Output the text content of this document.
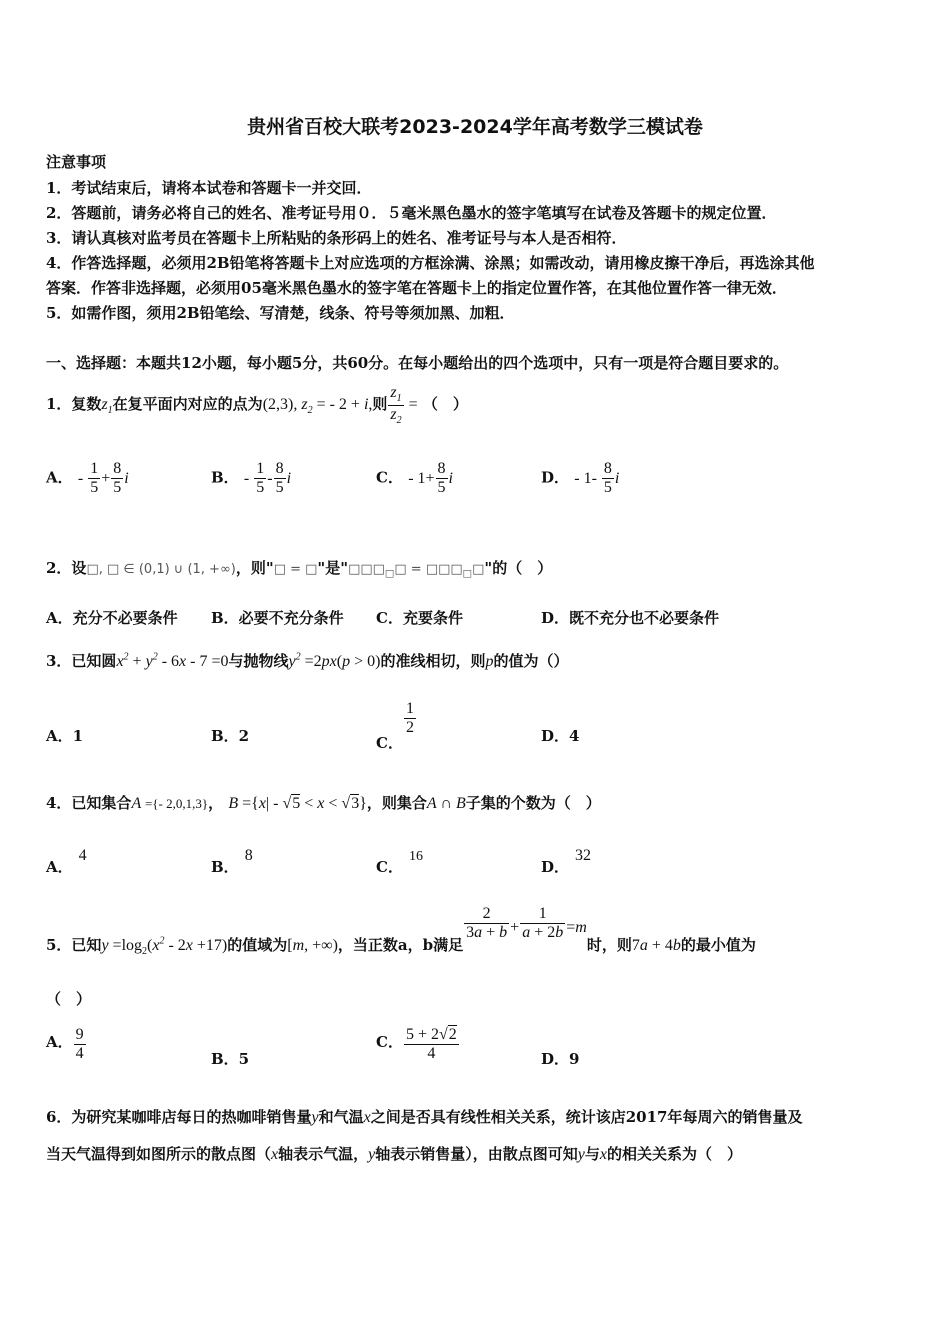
贵州省百校大联考2023-2024学年高考数学三模试卷
注意事项
1．考试结束后，请将本试卷和答题卡一并交回．
2．答题前，请务必将自己的姓名、准考证号用０．５毫米黑色墨水的签字笔填写在试卷及答题卡的规定位置．
3．请认真核对监考员在答题卡上所粘贴的条形码上的姓名、准考证号与本人是否相符．
4．作答选择题，必须用2B铅笔将答题卡上对应选项的方框涂满、涂黑；如需改动，请用橡皮擦干净后，再选涂其他
答案．作答非选择题，必须用05毫米黑色墨水的签字笔在答题卡上的指定位置作答，在其他位置作答一律无效．
5．如需作图，须用2B铅笔绘、写清楚，线条、符号等须加黑、加粗．
一、选择题：本题共12小题，每小题5分，共60分。在每小题给出的四个选项中，只有一项是符合题目要求的。
1．复数$z_1$在复平面内对应的点为(2,3), $z_2$ = - 2 + i,则 $\frac{z_1}{z_2}$ = （　）
A． - $\frac{1}{5} + \frac{8}{5}$ i	B． - $\frac{1}{5} - \frac{8}{5}$ i	C． - $1+ \frac{8}{5}$ i	D． - $1- \frac{8}{5}$ i
2．设□, □ ∈ (0,1) ∪ (1, +∞)，则"□ = □"是"$□□□_□□$ = $□□□_□□$"的（　）
A．充分不必要条件 B．必要不充分条件 C．充要条件	D．既不充分也不必要条件
3．已知圆$x^2 + y^2 - 6x - 7 =0$与抛物线$y^2 =2px(p > 0)$的准线相切，则p的值为（）
A．1	B．2	C．
$\frac{1}{2}$	D．4
4．已知集合A ={- 2,0,1,3}， B ={x| - √5 < x < √3}，则集合A ∩ B子集的个数为（　）
A．4
B．8
C．16
D．32
5．已知$y =\log_2(x^2 - 2x +17)$的值域为[m, +∞)，当正数a，b满足
$\frac{2}{3a + b} + \frac{1}{a + 2b} =m$时，则7a + 4b的最小值为
（　）
A． $\frac{9}{4}$	B．5
C． $\frac{5 + 2√2}{4}$	D．9
6．为研究某咖啡店每日的热咖啡销售量y和气温x之间是否具有线性相关关系，统计该店2017年每周六的销售量及
当天气温得到如图所示的散点图（x轴表示气温，y轴表示销售量），由散点图可知y与x的相关关系为（　）
